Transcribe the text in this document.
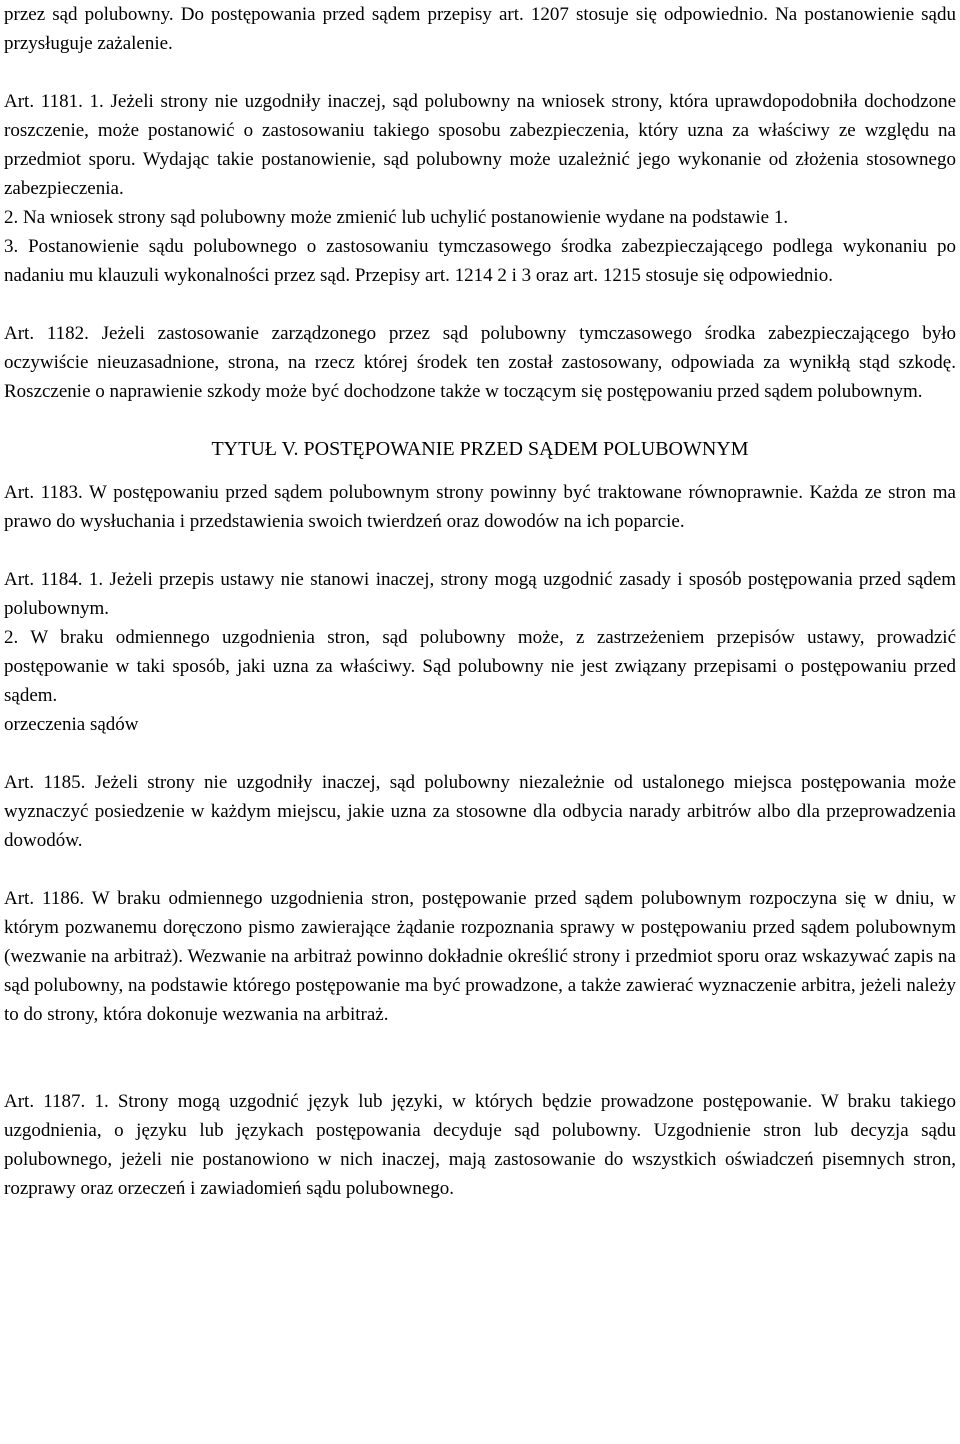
przez sąd polubowny. Do postępowania przed sądem przepisy art. 1207 stosuje się odpowiednio. Na postanowienie sądu przysługuje zażalenie.

Art. 1181. 1. Jeżeli strony nie uzgodniły inaczej, sąd polubowny na wniosek strony, która uprawdopodobniła dochodzone roszczenie, może postanowić o zastosowaniu takiego sposobu zabezpieczenia, który uzna za właściwy ze względu na przedmiot sporu. Wydając takie postanowienie, sąd polubowny może uzależnić jego wykonanie od złożenia stosownego zabezpieczenia.

2. Na wniosek strony sąd polubowny może zmienić lub uchylić postanowienie wydane na podstawie 1.

3. Postanowienie sądu polubownego o zastosowaniu tymczasowego środka zabezpieczającego podlega wykonaniu po nadaniu mu klauzuli wykonalności przez sąd. Przepisy art. 1214 2 i 3 oraz art. 1215 stosuje się odpowiednio.

Art. 1182. Jeżeli zastosowanie zarządzonego przez sąd polubowny tymczasowego środka zabezpieczającego było oczywiście nieuzasadnione, strona, na rzecz której środek ten został zastosowany, odpowiada za wynikłą stąd szkodę. Roszczenie o naprawienie szkody może być dochodzone także w toczącym się postępowaniu przed sądem polubownym.

TYTUŁ V. POSTĘPOWANIE PRZED SĄDEM POLUBOWNYM

Art. 1183. W postępowaniu przed sądem polubownym strony powinny być traktowane równoprawnie. Każda ze stron ma prawo do wysłuchania i przedstawienia swoich twierdzeń oraz dowodów na ich poparcie.

Art. 1184. 1. Jeżeli przepis ustawy nie stanowi inaczej, strony mogą uzgodnić zasady i sposób postępowania przed sądem polubownym.

2. W braku odmiennego uzgodnienia stron, sąd polubowny może, z zastrzeżeniem przepisów ustawy, prowadzić postępowanie w taki sposób, jaki uzna za właściwy. Sąd polubowny nie jest związany przepisami o postępowaniu przed sądem.

orzeczenia sądów

Art. 1185. Jeżeli strony nie uzgodniły inaczej, sąd polubowny niezależnie od ustalonego miejsca postępowania może wyznaczyć posiedzenie w każdym miejscu, jakie uzna za stosowne dla odbycia narady arbitrów albo dla przeprowadzenia dowodów.

Art. 1186. W braku odmiennego uzgodnienia stron, postępowanie przed sądem polubownym rozpoczyna się w dniu, w którym pozwanemu doręczono pismo zawierające żądanie rozpoznania sprawy w postępowaniu przed sądem polubownym (wezwanie na arbitraż). Wezwanie na arbitraż powinno dokładnie określić strony i przedmiot sporu oraz wskazywać zapis na sąd polubowny, na podstawie którego postępowanie ma być prowadzone, a także zawierać wyznaczenie arbitra, jeżeli należy to do strony, która dokonuje wezwania na arbitraż.

Art. 1187. 1. Strony mogą uzgodnić język lub języki, w których będzie prowadzone postępowanie. W braku takiego uzgodnienia, o języku lub językach postępowania decyduje sąd polubowny. Uzgodnienie stron lub decyzja sądu polubownego, jeżeli nie postanowiono w nich inaczej, mają zastosowanie do wszystkich oświadczeń pisemnych stron, rozprawy oraz orzeczeń i zawiadomień sądu polubownego.
